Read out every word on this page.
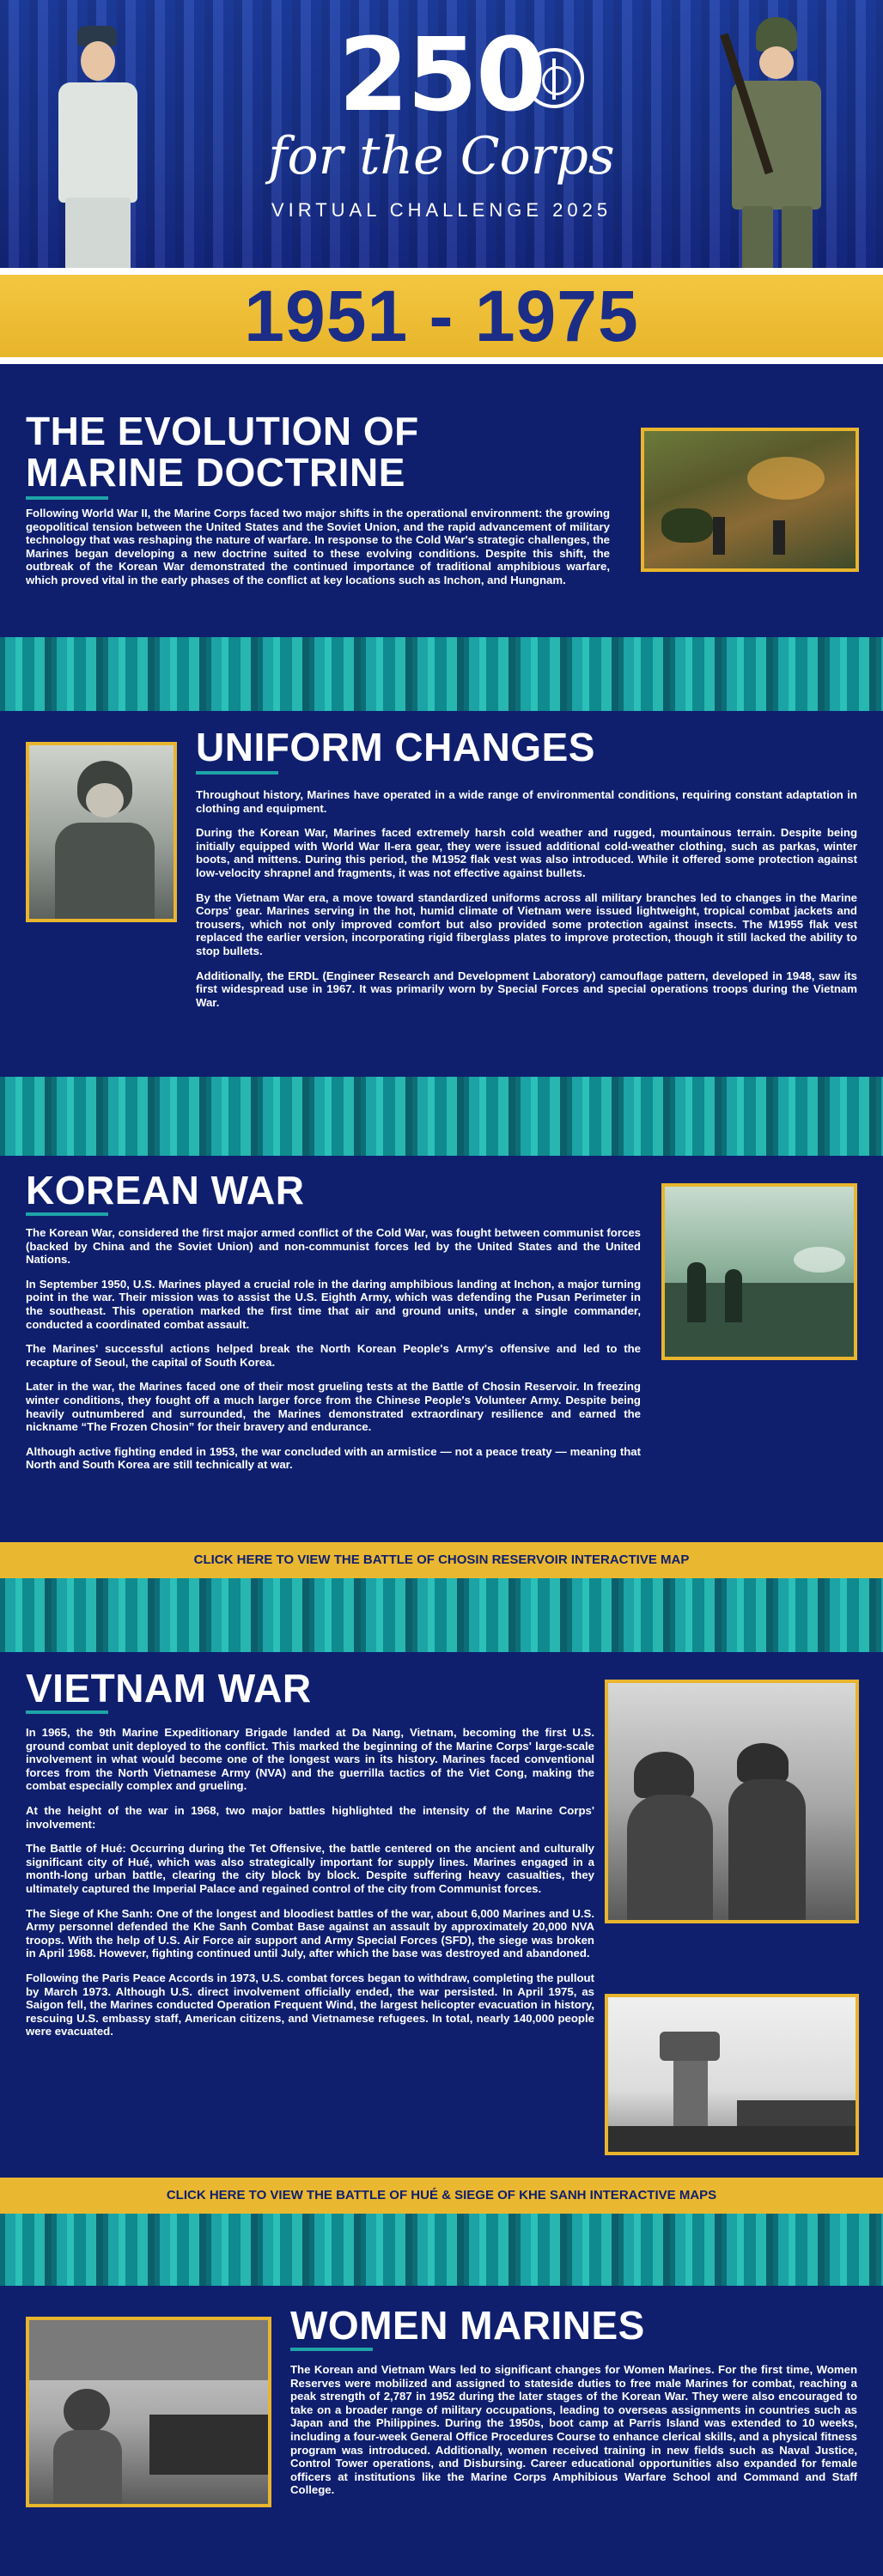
250
for the Corps
VIRTUAL CHALLENGE 2025
1951 - 1975
THE EVOLUTION OF
MARINE DOCTRINE
Following World War II, the Marine Corps faced two major shifts in the operational environment: the growing geopolitical tension between the United States and the Soviet Union, and the rapid advancement of military technology that was reshaping the nature of warfare. In response to the Cold War's strategic challenges, the Marines began developing a new doctrine suited to these evolving conditions. Despite this shift, the outbreak of the Korean War demonstrated the continued importance of traditional amphibious warfare, which proved vital in the early phases of the conflict at key locations such as Inchon, and Hungnam.
UNIFORM CHANGES

Throughout history, Marines have operated in a wide range of environmental conditions, requiring constant adaptation in clothing and equipment.

During the Korean War, Marines faced extremely harsh cold weather and rugged, mountainous terrain. Despite being initially equipped with World War II-era gear, they were issued additional cold-weather clothing, such as parkas, winter boots, and mittens. During this period, the M1952 flak vest was also introduced. While it offered some protection against low-velocity shrapnel and fragments, it was not effective against bullets.

By the Vietnam War era, a move toward standardized uniforms across all military branches led to changes in the Marine Corps' gear. Marines serving in the hot, humid climate of Vietnam were issued lightweight, tropical combat jackets and trousers, which not only improved comfort but also provided some protection against insects. The M1955 flak vest replaced the earlier version, incorporating rigid fiberglass plates to improve protection, though it still lacked the ability to stop bullets.

Additionally, the ERDL (Engineer Research and Development Laboratory) camouflage pattern, developed in 1948, saw its first widespread use in 1967. It was primarily worn by Special Forces and special operations troops during the Vietnam War.

KOREAN WAR

The Korean War, considered the first major armed conflict of the Cold War, was fought between communist forces (backed by China and the Soviet Union) and non-communist forces led by the United States and the United Nations.

In September 1950, U.S. Marines played a crucial role in the daring amphibious landing at Inchon, a major turning point in the war. Their mission was to assist the U.S. Eighth Army, which was defending the Pusan Perimeter in the southeast. This operation marked the first time that air and ground units, under a single commander, conducted a coordinated combat assault.

The Marines' successful actions helped break the North Korean People's Army's offensive and led to the recapture of Seoul, the capital of South Korea.

Later in the war, the Marines faced one of their most grueling tests at the Battle of Chosin Reservoir. In freezing winter conditions, they fought off a much larger force from the Chinese People's Volunteer Army. Despite being heavily outnumbered and surrounded, the Marines demonstrated extraordinary resilience and earned the nickname “The Frozen Chosin” for their bravery and endurance.

Although active fighting ended in 1953, the war concluded with an armistice — not a peace treaty — meaning that North and South Korea are still technically at war.

CLICK HERE TO VIEW THE BATTLE OF CHOSIN RESERVOIR INTERACTIVE MAP
VIETNAM WAR

In 1965, the 9th Marine Expeditionary Brigade landed at Da Nang, Vietnam, becoming the first U.S. ground combat unit deployed to the conflict. This marked the beginning of the Marine Corps' large-scale involvement in what would become one of the longest wars in its history. Marines faced conventional forces from the North Vietnamese Army (NVA) and the guerrilla tactics of the Viet Cong, making the combat especially complex and grueling.

At the height of the war in 1968, two major battles highlighted the intensity of the Marine Corps' involvement:

The Battle of Hué: Occurring during the Tet Offensive, the battle centered on the ancient and culturally significant city of Hué, which was also strategically important for supply lines. Marines engaged in a month-long urban battle, clearing the city block by block. Despite suffering heavy casualties, they ultimately captured the Imperial Palace and regained control of the city from Communist forces.

The Siege of Khe Sanh: One of the longest and bloodiest battles of the war, about 6,000 Marines and U.S. Army personnel defended the Khe Sanh Combat Base against an assault by approximately 20,000 NVA troops. With the help of U.S. Air Force air support and Army Special Forces (SFD), the siege was broken in April 1968. However, fighting continued until July, after which the base was destroyed and abandoned.

Following the Paris Peace Accords in 1973, U.S. combat forces began to withdraw, completing the pullout by March 1973. Although U.S. direct involvement officially ended, the war persisted. In April 1975, as Saigon fell, the Marines conducted Operation Frequent Wind, the largest helicopter evacuation in history, rescuing U.S. embassy staff, American citizens, and Vietnamese refugees. In total, nearly 140,000 people were evacuated.

CLICK HERE TO VIEW THE BATTLE OF HUÉ & SIEGE OF KHE SANH INTERACTIVE MAPS
WOMEN MARINES
The Korean and Vietnam Wars led to significant changes for Women Marines. For the first time, Women Reserves were mobilized and assigned to stateside duties to free male Marines for combat, reaching a peak strength of 2,787 in 1952 during the later stages of the Korean War. They were also encouraged to take on a broader range of military occupations, leading to overseas assignments in countries such as Japan and the Philippines. During the 1950s, boot camp at Parris Island was extended to 10 weeks, including a four-week General Office Procedures Course to enhance clerical skills, and a physical fitness program was introduced. Additionally, women received training in new fields such as Naval Justice, Control Tower operations, and Disbursing. Career educational opportunities also expanded for female officers at institutions like the Marine Corps Amphibious Warfare School and Command and Staff College.
